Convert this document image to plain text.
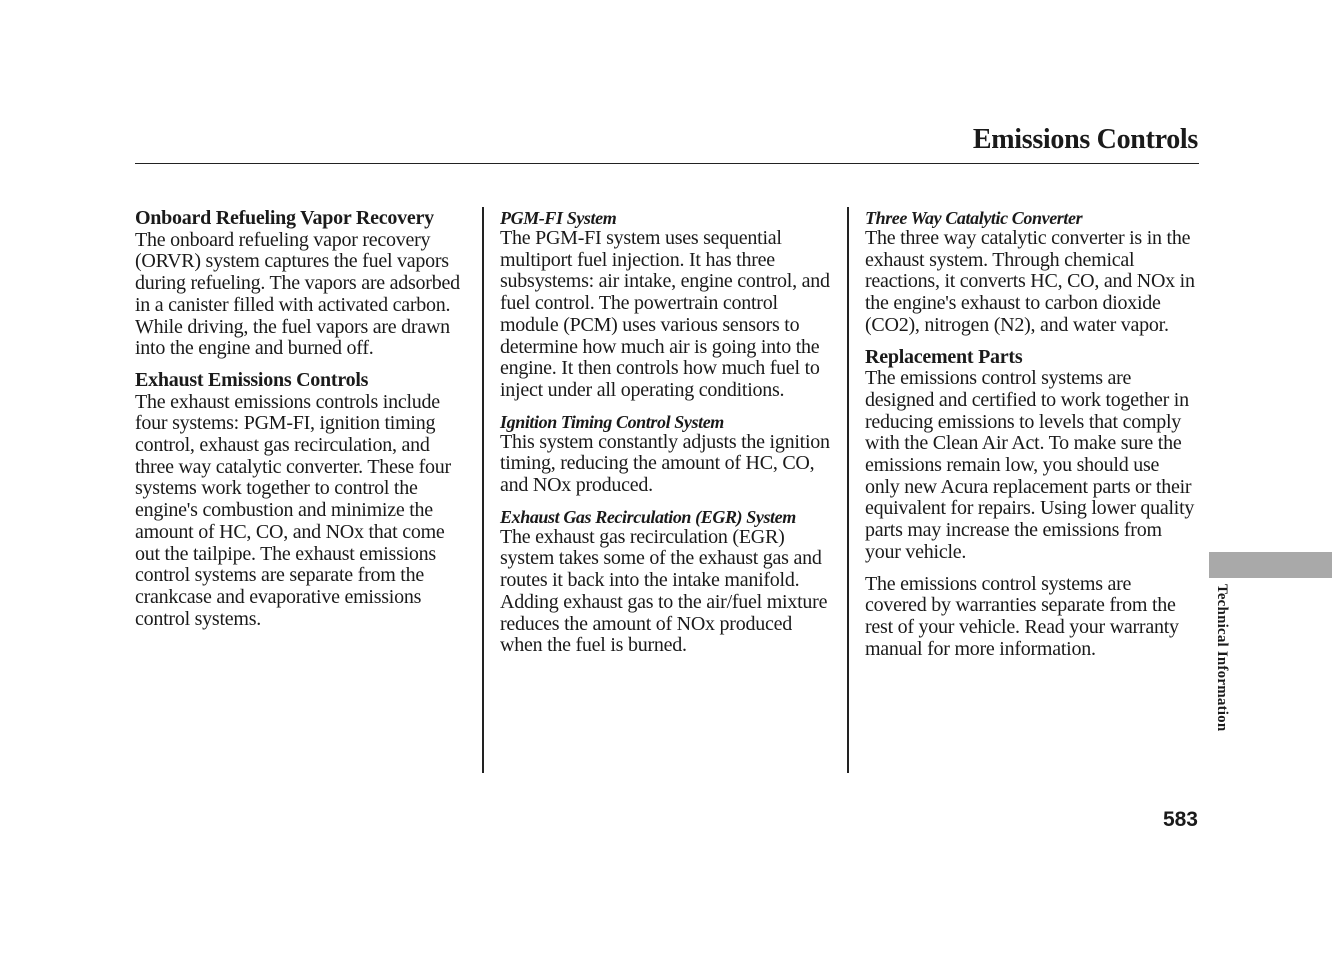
Emissions Controls
Onboard Refueling Vapor Recovery
The onboard refueling vapor recovery (ORVR) system captures the fuel vapors during refueling. The vapors are adsorbed in a canister filled with activated carbon. While driving, the fuel vapors are drawn into the engine and burned off.
Exhaust Emissions Controls
The exhaust emissions controls include four systems: PGM-FI, ignition timing control, exhaust gas recirculation, and three way catalytic converter. These four systems work together to control the engine's combustion and minimize the amount of HC, CO, and NOx that come out the tailpipe. The exhaust emissions control systems are separate from the crankcase and evaporative emissions control systems.
PGM-FI System
The PGM-FI system uses sequential multiport fuel injection. It has three subsystems: air intake, engine control, and fuel control. The powertrain control module (PCM) uses various sensors to determine how much air is going into the engine. It then controls how much fuel to inject under all operating conditions.
Ignition Timing Control System
This system constantly adjusts the ignition timing, reducing the amount of HC, CO, and NOx produced.
Exhaust Gas Recirculation (EGR) System
The exhaust gas recirculation (EGR) system takes some of the exhaust gas and routes it back into the intake manifold. Adding exhaust gas to the air/fuel mixture reduces the amount of NOx produced when the fuel is burned.
Three Way Catalytic Converter
The three way catalytic converter is in the exhaust system. Through chemical reactions, it converts HC, CO, and NOx in the engine's exhaust to carbon dioxide (CO2), nitrogen (N2), and water vapor.
Replacement Parts
The emissions control systems are designed and certified to work together in reducing emissions to levels that comply with the Clean Air Act. To make sure the emissions remain low, you should use only new Acura replacement parts or their equivalent for repairs. Using lower quality parts may increase the emissions from your vehicle.
The emissions control systems are covered by warranties separate from the rest of your vehicle. Read your warranty manual for more information.	Technical Information
583
